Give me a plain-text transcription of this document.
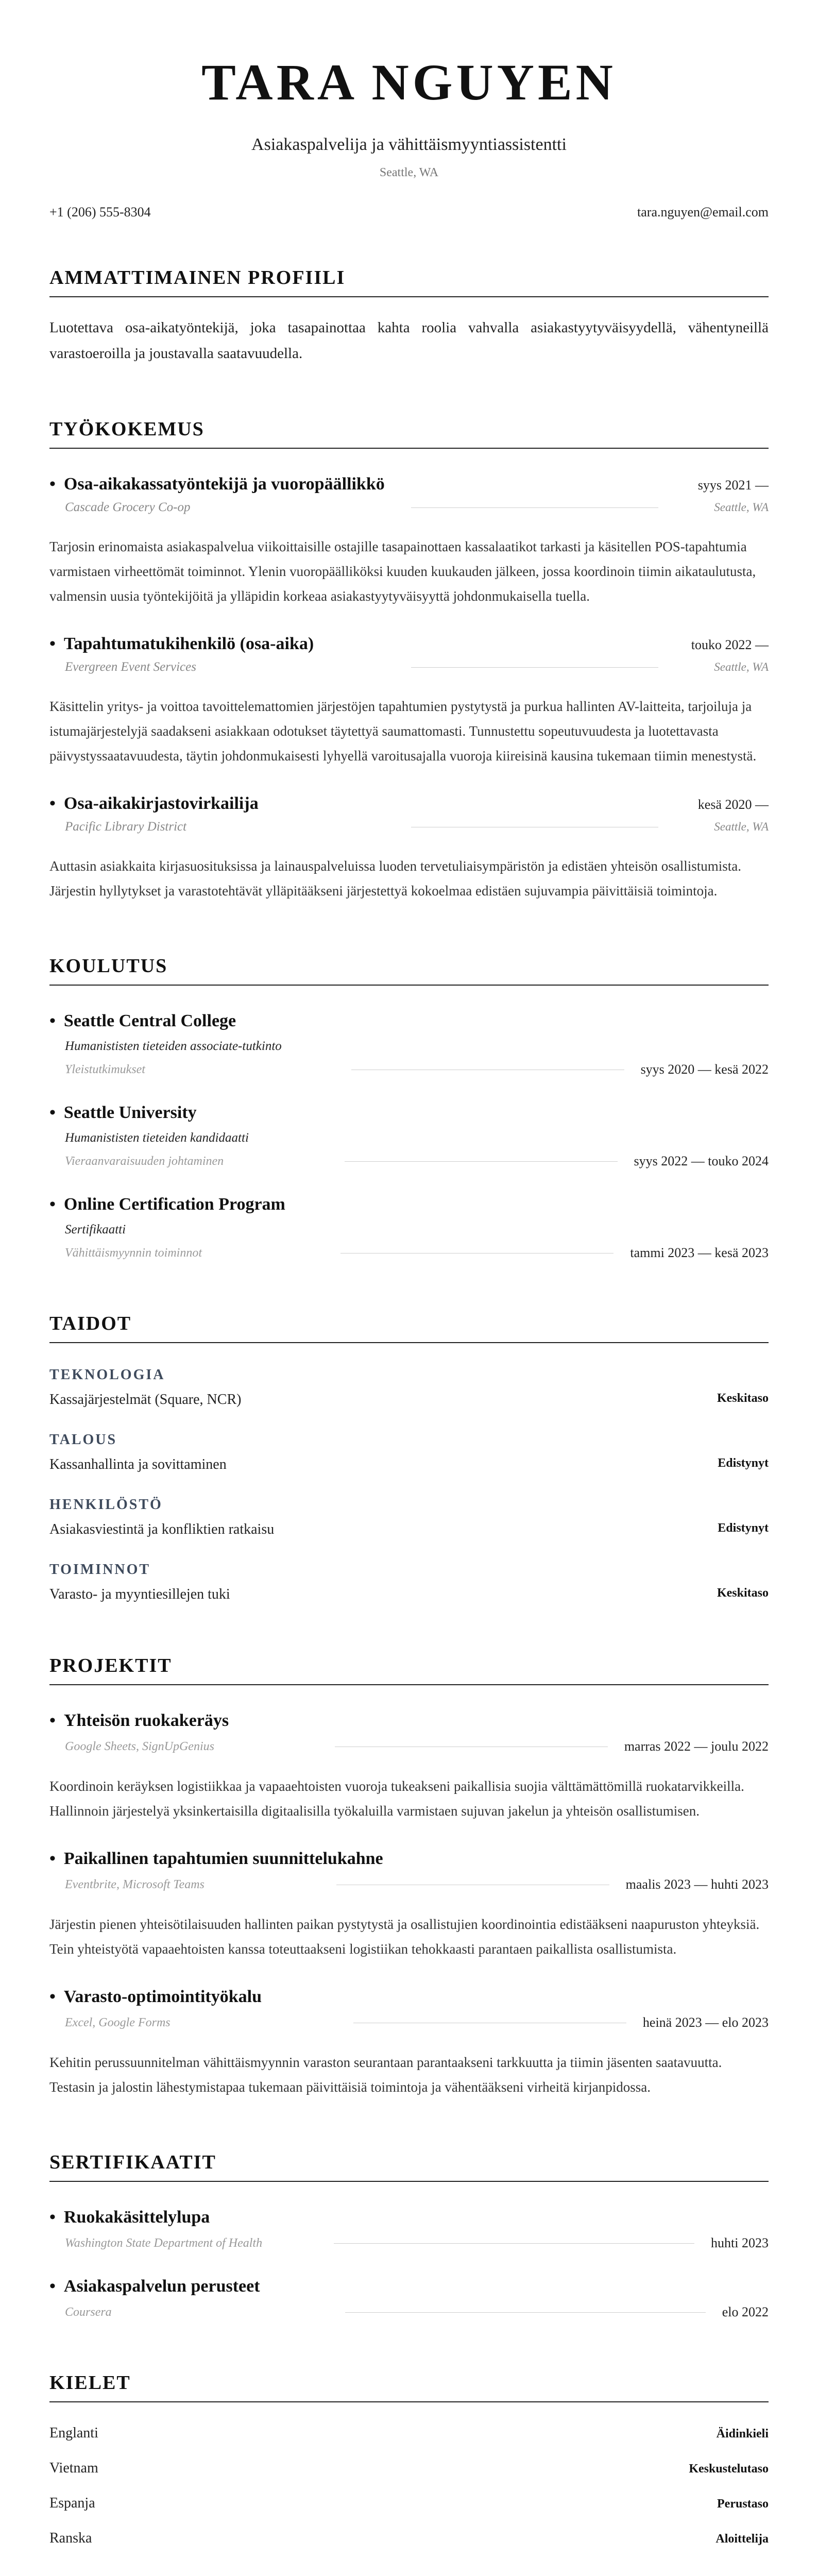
TARA NGUYEN
Asiakaspalvelija ja vähittäismyyntiassistentti
Seattle, WA
+1 (206) 555-8304	tara.nguyen@email.com
AMMATTIMAINEN PROFIILI
Luotettava osa-aikatyöntekijä, joka tasapainottaa kahta roolia vahvalla asiakastyytyväisyydellä, vähentyneillä varastoeroilla ja joustavalla saatavuudella.
TYÖKOKEMUS
• Osa-aikakassatyöntekijä ja vuoropäällikkö	syys 2021 —
Cascade Grocery Co-op	Seattle, WA
Tarjosin erinomaista asiakaspalvelua viikoittaisille ostajille tasapainottaen kassalaatikot tarkasti ja käsitellen POS-tapahtumia varmistaen virheettömät toiminnot. Ylenin vuoropäälliköksi kuuden kuukauden jälkeen, jossa koordinoin tiimin aikataulutusta, valmensin uusia työntekijöitä ja ylläpidin korkeaa asiakastyytyväisyyttä johdonmukaisella tuella.
• Tapahtumatukihenkilö (osa-aika)	touko 2022 —
Evergreen Event Services	Seattle, WA
Käsittelin yritys- ja voittoa tavoittelemattomien järjestöjen tapahtumien pystytystä ja purkua hallinten AV-laitteita, tarjoiluja ja istumajärjestelyjä saadakseni asiakkaan odotukset täytettyä saumattomasti. Tunnustettu sopeutuvuudesta ja luotettavasta päivystyssaatavuudesta, täytin johdonmukaisesti lyhyellä varoitusajalla vuoroja kiireisinä kausina tukemaan tiimin menestystä.
• Osa-aikakirjastovirkailija	kesä 2020 —
Pacific Library District	Seattle, WA
Auttasin asiakkaita kirjasuosituksissa ja lainauspalveluissa luoden tervetuliaisympäristön ja edistäen yhteisön osallistumista. Järjestin hyllytykset ja varastotehtävät ylläpitääkseni järjestettyä kokoelmaa edistäen sujuvampia päivittäisiä toimintoja.
KOULUTUS
• Seattle Central College
Humanististen tieteiden associate-tutkinto
Yleistutkimukset	syys 2020 — kesä 2022
• Seattle University
Humanististen tieteiden kandidaatti
Vieraanvaraisuuden johtaminen	syys 2022 — touko 2024
• Online Certification Program
Sertifikaatti
Vähittäismyynnin toiminnot	tammi 2023 — kesä 2023
TAIDOT
TEKNOLOGIA
Kassajärjestelmät (Square, NCR)	Keskitaso
TALOUS
Kassanhallinta ja sovittaminen	Edistynyt
HENKILÖSTÖ
Asiakasviestintä ja konfliktien ratkaisu	Edistynyt
TOIMINNOT
Varasto- ja myyntiesillejen tuki	Keskitaso
PROJEKTIT
• Yhteisön ruokakeräys
Google Sheets, SignUpGenius	marras 2022 — joulu 2022
Koordinoin keräyksen logistiikkaa ja vapaaehtoisten vuoroja tukeakseni paikallisia suojia välttämättömillä ruokatarvikkeilla. Hallinnoin järjestelyä yksinkertaisilla digitaalisilla työkaluilla varmistaen sujuvan jakelun ja yhteisön osallistumisen.
• Paikallinen tapahtumien suunnittelukahne
Eventbrite, Microsoft Teams	maalis 2023 — huhti 2023
Järjestin pienen yhteisötilaisuuden hallinten paikan pystytystä ja osallistujien koordinointia edistääkseni naapuruston yhteyksiä. Tein yhteistyötä vapaaehtoisten kanssa toteuttaakseni logistiikan tehokkaasti parantaen paikallista osallistumista.
• Varasto-optimointityökalu
Excel, Google Forms	heinä 2023 — elo 2023
Kehitin perussuunnitelman vähittäismyynnin varaston seurantaan parantaakseni tarkkuutta ja tiimin jäsenten saatavuutta. Testasin ja jalostin lähestymistapaa tukemaan päivittäisiä toimintoja ja vähentääkseni virheitä kirjanpidossa.
SERTIFIKAATIT
• Ruokakäsittelylupa
Washington State Department of Health	huhti 2023
• Asiakaspalvelun perusteet
Coursera	elo 2022
KIELET
Englanti	Äidinkieli
Vietnam	Keskustelutaso
Espanja	Perustaso
Ranska	Aloittelija
